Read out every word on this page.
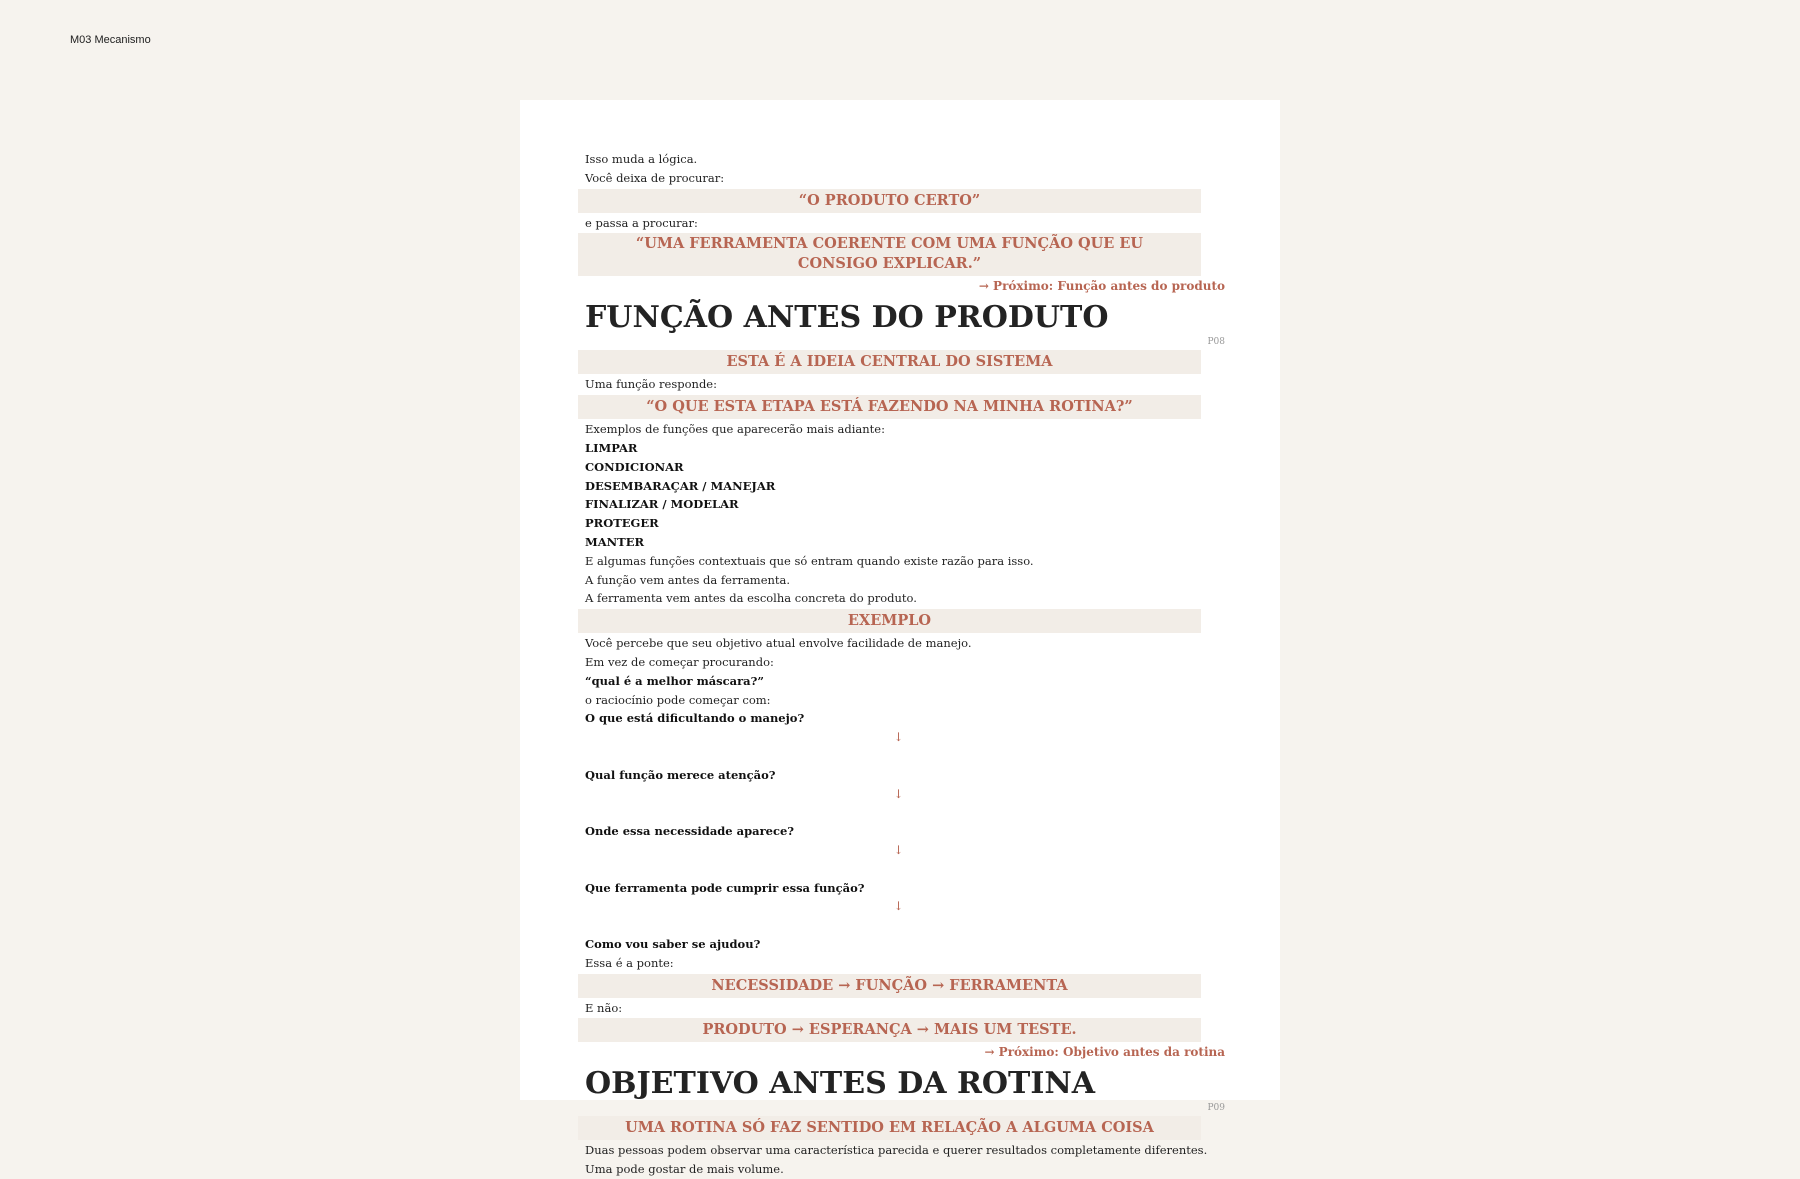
M03 Mecanismo
Isso muda a lógica.
Você deixa de procurar:
“O PRODUTO CERTO”
e passa a procurar:
“UMA FERRAMENTA COERENTE COM UMA FUNÇÃO QUE EU CONSIGO EXPLICAR.”
→ Próximo: Função antes do produto
FUNÇÃO ANTES DO PRODUTO
P08
ESTA É A IDEIA CENTRAL DO SISTEMA
Uma função responde:
“O QUE ESTA ETAPA ESTÁ FAZENDO NA MINHA ROTINA?”
Exemplos de funções que aparecerão mais adiante:
LIMPAR
CONDICIONAR
DESEMBARAÇAR / MANEJAR
FINALIZAR / MODELAR
PROTEGER
MANTER
E algumas funções contextuais que só entram quando existe razão para isso.
A função vem antes da ferramenta.
A ferramenta vem antes da escolha concreta do produto.
EXEMPLO
Você percebe que seu objetivo atual envolve facilidade de manejo.
Em vez de começar procurando:
“qual é a melhor máscara?”
o raciocínio pode começar com:
O que está dificultando o manejo?
↓
Qual função merece atenção?
↓
Onde essa necessidade aparece?
↓
Que ferramenta pode cumprir essa função?
↓
Como vou saber se ajudou?
Essa é a ponte:
NECESSIDADE → FUNÇÃO → FERRAMENTA
E não:
PRODUTO → ESPERANÇA → MAIS UM TESTE.
→ Próximo: Objetivo antes da rotina
OBJETIVO ANTES DA ROTINA
P09
UMA ROTINA SÓ FAZ SENTIDO EM RELAÇÃO A ALGUMA COISA
Duas pessoas podem observar uma característica parecida e querer resultados completamente diferentes.
Uma pode gostar de mais volume.
